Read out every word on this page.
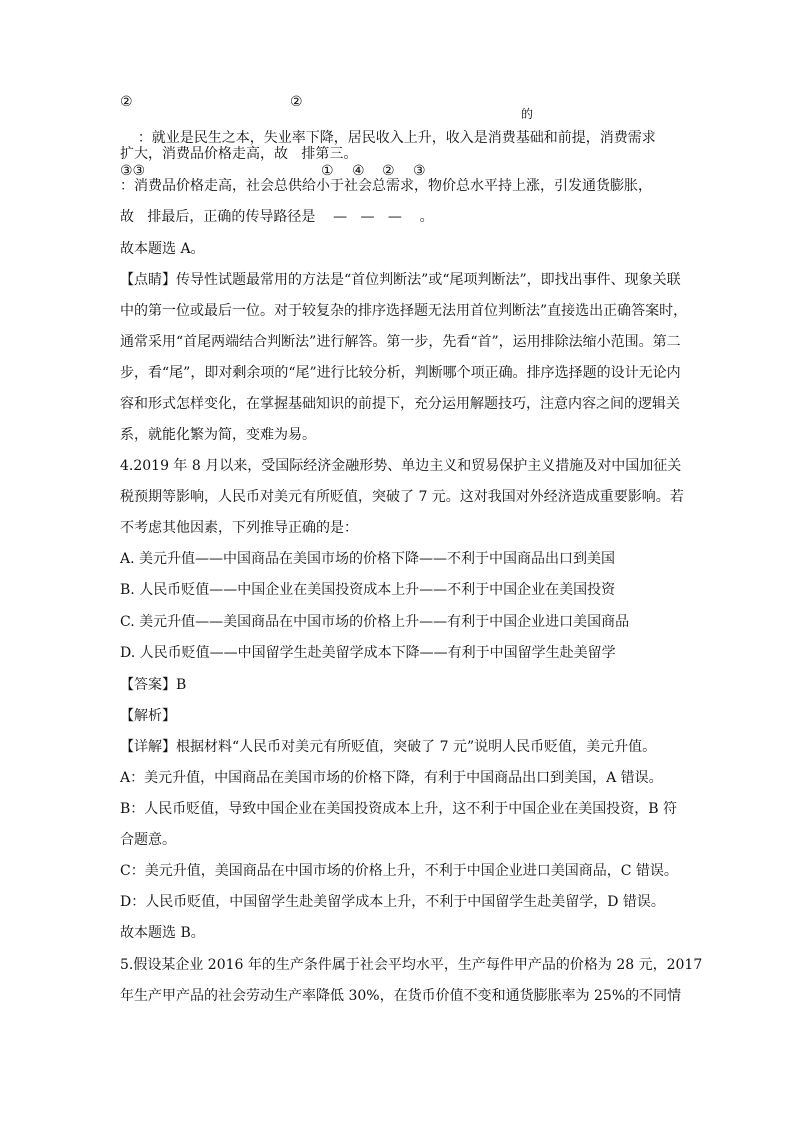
②	②
的
③③	① ④ ② ③

：就业是民生之本，失业率下降，居民收入上升，收入是消费基础和前提，消费需求

扩大，消费品价格走高，故   排第三。
：消费品价格走高，社会总供给小于社会总需求，物价总水平持上涨，引发通货膨胀，
故   排最后，正确的传导路径是    —   —   —    。
故本题选 A。
【点睛】传导性试题最常用的方法是“首位判断法”或“尾项判断法”，即找出事件、现象关联
中的第一位或最后一位。对于较复杂的排序选择题无法用首位判断法”直接选出正确答案时，
通常采用“首尾两端结合判断法”进行解答。第一步，先看“首”，运用排除法缩小范围。第二
步，看“尾”，即对剩余项的“尾”进行比较分析，判断哪个项正确。排序选择题的设计无论内
容和形式怎样变化，在掌握基础知识的前提下，充分运用解题技巧，注意内容之间的逻辑关
系，就能化繁为简，变难为易。
4.2019 年 8 月以来，受国际经济金融形势、单边主义和贸易保护主义措施及对中国加征关
税预期等影响，人民币对美元有所贬值，突破了 7 元。这对我国对外经济造成重要影响。若
不考虑其他因素，下列推导正确的是：
A. 美元升值——中国商品在美国市场的价格下降——不利于中国商品出口到美国
B. 人民币贬值——中国企业在美国投资成本上升——不利于中国企业在美国投资
C. 美元升值——美国商品在中国市场的价格上升——有利于中国企业进口美国商品
D. 人民币贬值——中国留学生赴美留学成本下降——有利于中国留学生赴美留学
【答案】B
【解析】
【详解】根据材料“人民币对美元有所贬值，突破了 7 元”说明人民币贬值，美元升值。
A：美元升值，中国商品在美国市场的价格下降，有利于中国商品出口到美国，A 错误。
B：人民币贬值，导致中国企业在美国投资成本上升，这不利于中国企业在美国投资，B 符
合题意。
C：美元升值，美国商品在中国市场的价格上升，不利于中国企业进口美国商品，C 错误。
D：人民币贬值，中国留学生赴美留学成本上升，不利于中国留学生赴美留学，D 错误。
故本题选 B。
5.假设某企业 2016 年的生产条件属于社会平均水平，生产每件甲产品的价格为 28 元，2017
年生产甲产品的社会劳动生产率降低 30%，在货币价值不变和通货膨胀率为 25%的不同情
